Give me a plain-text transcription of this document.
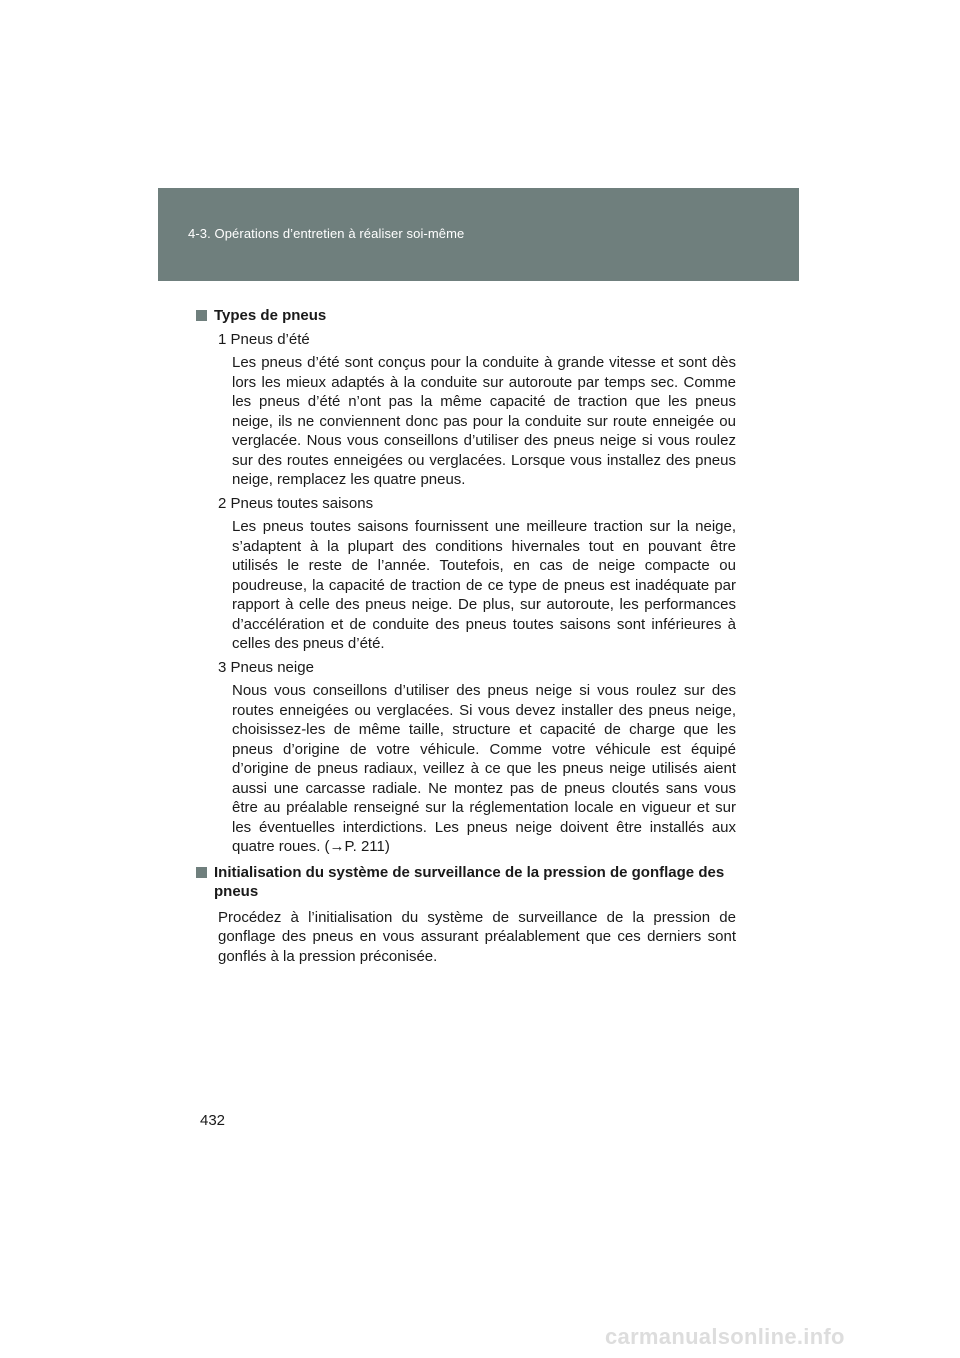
4-3. Opérations d’entretien à réaliser soi-même
Types de pneus
1 Pneus d’été
Les pneus d’été sont conçus pour la conduite à grande vitesse et sont dès lors les mieux adaptés à la conduite sur autoroute par temps sec. Comme les pneus d’été n’ont pas la même capacité de traction que les pneus neige, ils ne conviennent donc pas pour la conduite sur route enneigée ou verglacée. Nous vous conseillons d’utiliser des pneus neige si vous roulez sur des routes enneigées ou verglacées. Lorsque vous installez des pneus neige, remplacez les quatre pneus.
2 Pneus toutes saisons
Les pneus toutes saisons fournissent une meilleure traction sur la neige, s’adaptent à la plupart des conditions hivernales tout en pouvant être utilisés le reste de l’année. Toutefois, en cas de neige compacte ou poudreuse, la capacité de traction de ce type de pneus est inadéquate par rapport à celle des pneus neige. De plus, sur autoroute, les performances d’accélération et de conduite des pneus toutes saisons sont inférieures à celles des pneus d’été.
3 Pneus neige
Nous vous conseillons d’utiliser des pneus neige si vous roulez sur des routes enneigées ou verglacées. Si vous devez installer des pneus neige, choisissez-les de même taille, structure et capacité de charge que les pneus d’origine de votre véhicule. Comme votre véhicule est équipé d’origine de pneus radiaux, veillez à ce que les pneus neige utilisés aient aussi une carcasse radiale. Ne montez pas de pneus cloutés sans vous être au préalable renseigné sur la réglementation locale en vigueur et sur les éventuelles interdictions. Les pneus neige doivent être installés aux quatre roues. (→P. 211)
Initialisation du système de surveillance de la pression de gonflage des pneus
Procédez à l’initialisation du système de surveillance de la pression de gonflage des pneus en vous assurant préalablement que ces derniers sont gonflés à la pression préconisée.
432
carmanualsonline.info
